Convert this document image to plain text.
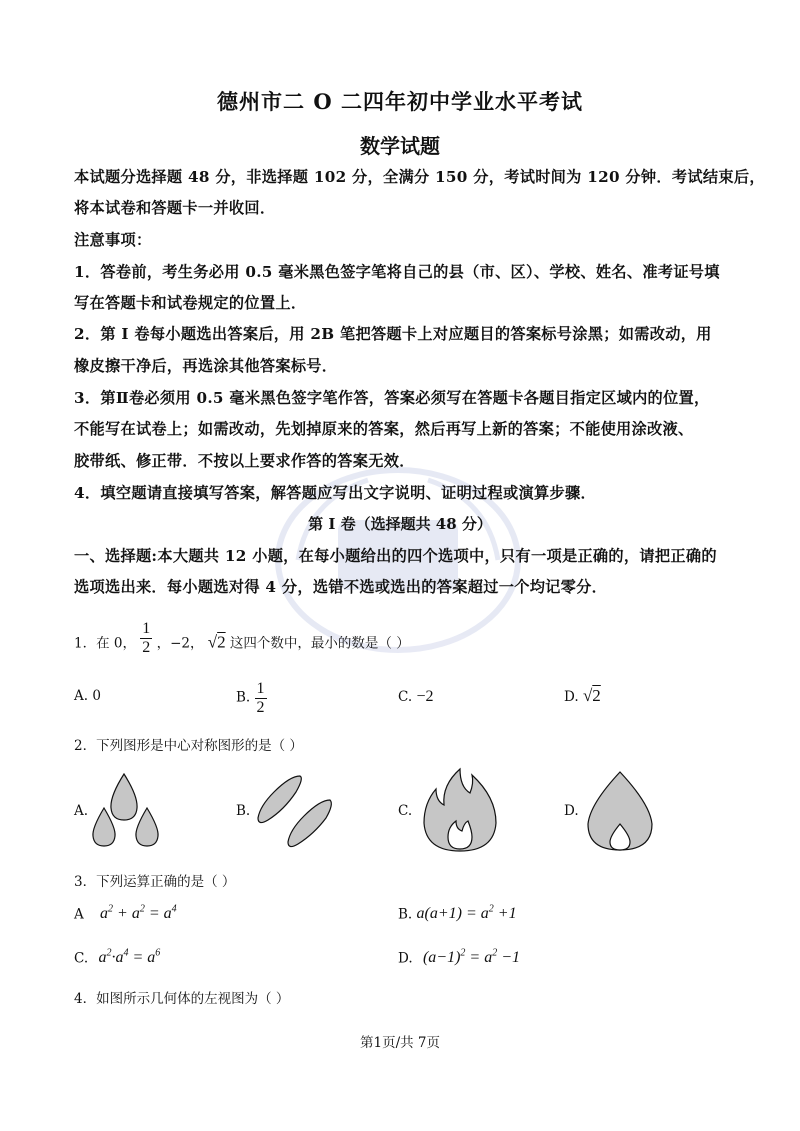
德州市二 O 二四年初中学业水平考试
数学试题
本试题分选择题 48 分，非选择题 102 分，全满分 150 分，考试时间为 120 分钟．考试结束后，
将本试卷和答题卡一并收回．
注意事项：
1．答卷前，考生务必用 0.5 毫米黑色签字笔将自己的县（市、区）、学校、姓名、准考证号填
写在答题卡和试卷规定的位置上．
2．第 I 卷每小题选出答案后，用 2B 笔把答题卡上对应题目的答案标号涂黑；如需改动，用
橡皮擦干净后，再选涂其他答案标号．
3．第Ⅱ卷必须用 0.5 毫米黑色签字笔作答，答案必须写在答题卡各题目指定区域内的位置，
不能写在试卷上；如需改动，先划掉原来的答案，然后再写上新的答案；不能使用涂改液、
胶带纸、修正带．不按以上要求作答的答案无效．
4．填空题请直接填写答案，解答题应写出文字说明、证明过程或演算步骤．
第 I 卷（选择题共 48 分）
一、选择题:本大题共 12 小题，在每小题给出的四个选项中，只有一项是正确的，请把正确的
选项选出来．每小题选对得 4 分，选错不选或选出的答案超过一个均记零分．
1．在 0， $\frac{1}{2}$ ，−2， √2 这四个数中，最小的数是（ ）
A. 0	B. $\frac{1}{2}$	C. −2	D. √2
2．下列图形是中心对称图形的是（ ）
A.	B.	C.	D.
3．下列运算正确的是（ ）
A $a^2 + a^2 = a^4$	B. $a(a+1) = a^2 +1$
C. $a^2\cdot a^4 = a^6$	D. $(a-1)^2 = a^2 -1$
4．如图所示几何体的左视图为（ ）
第1页/共 7页
